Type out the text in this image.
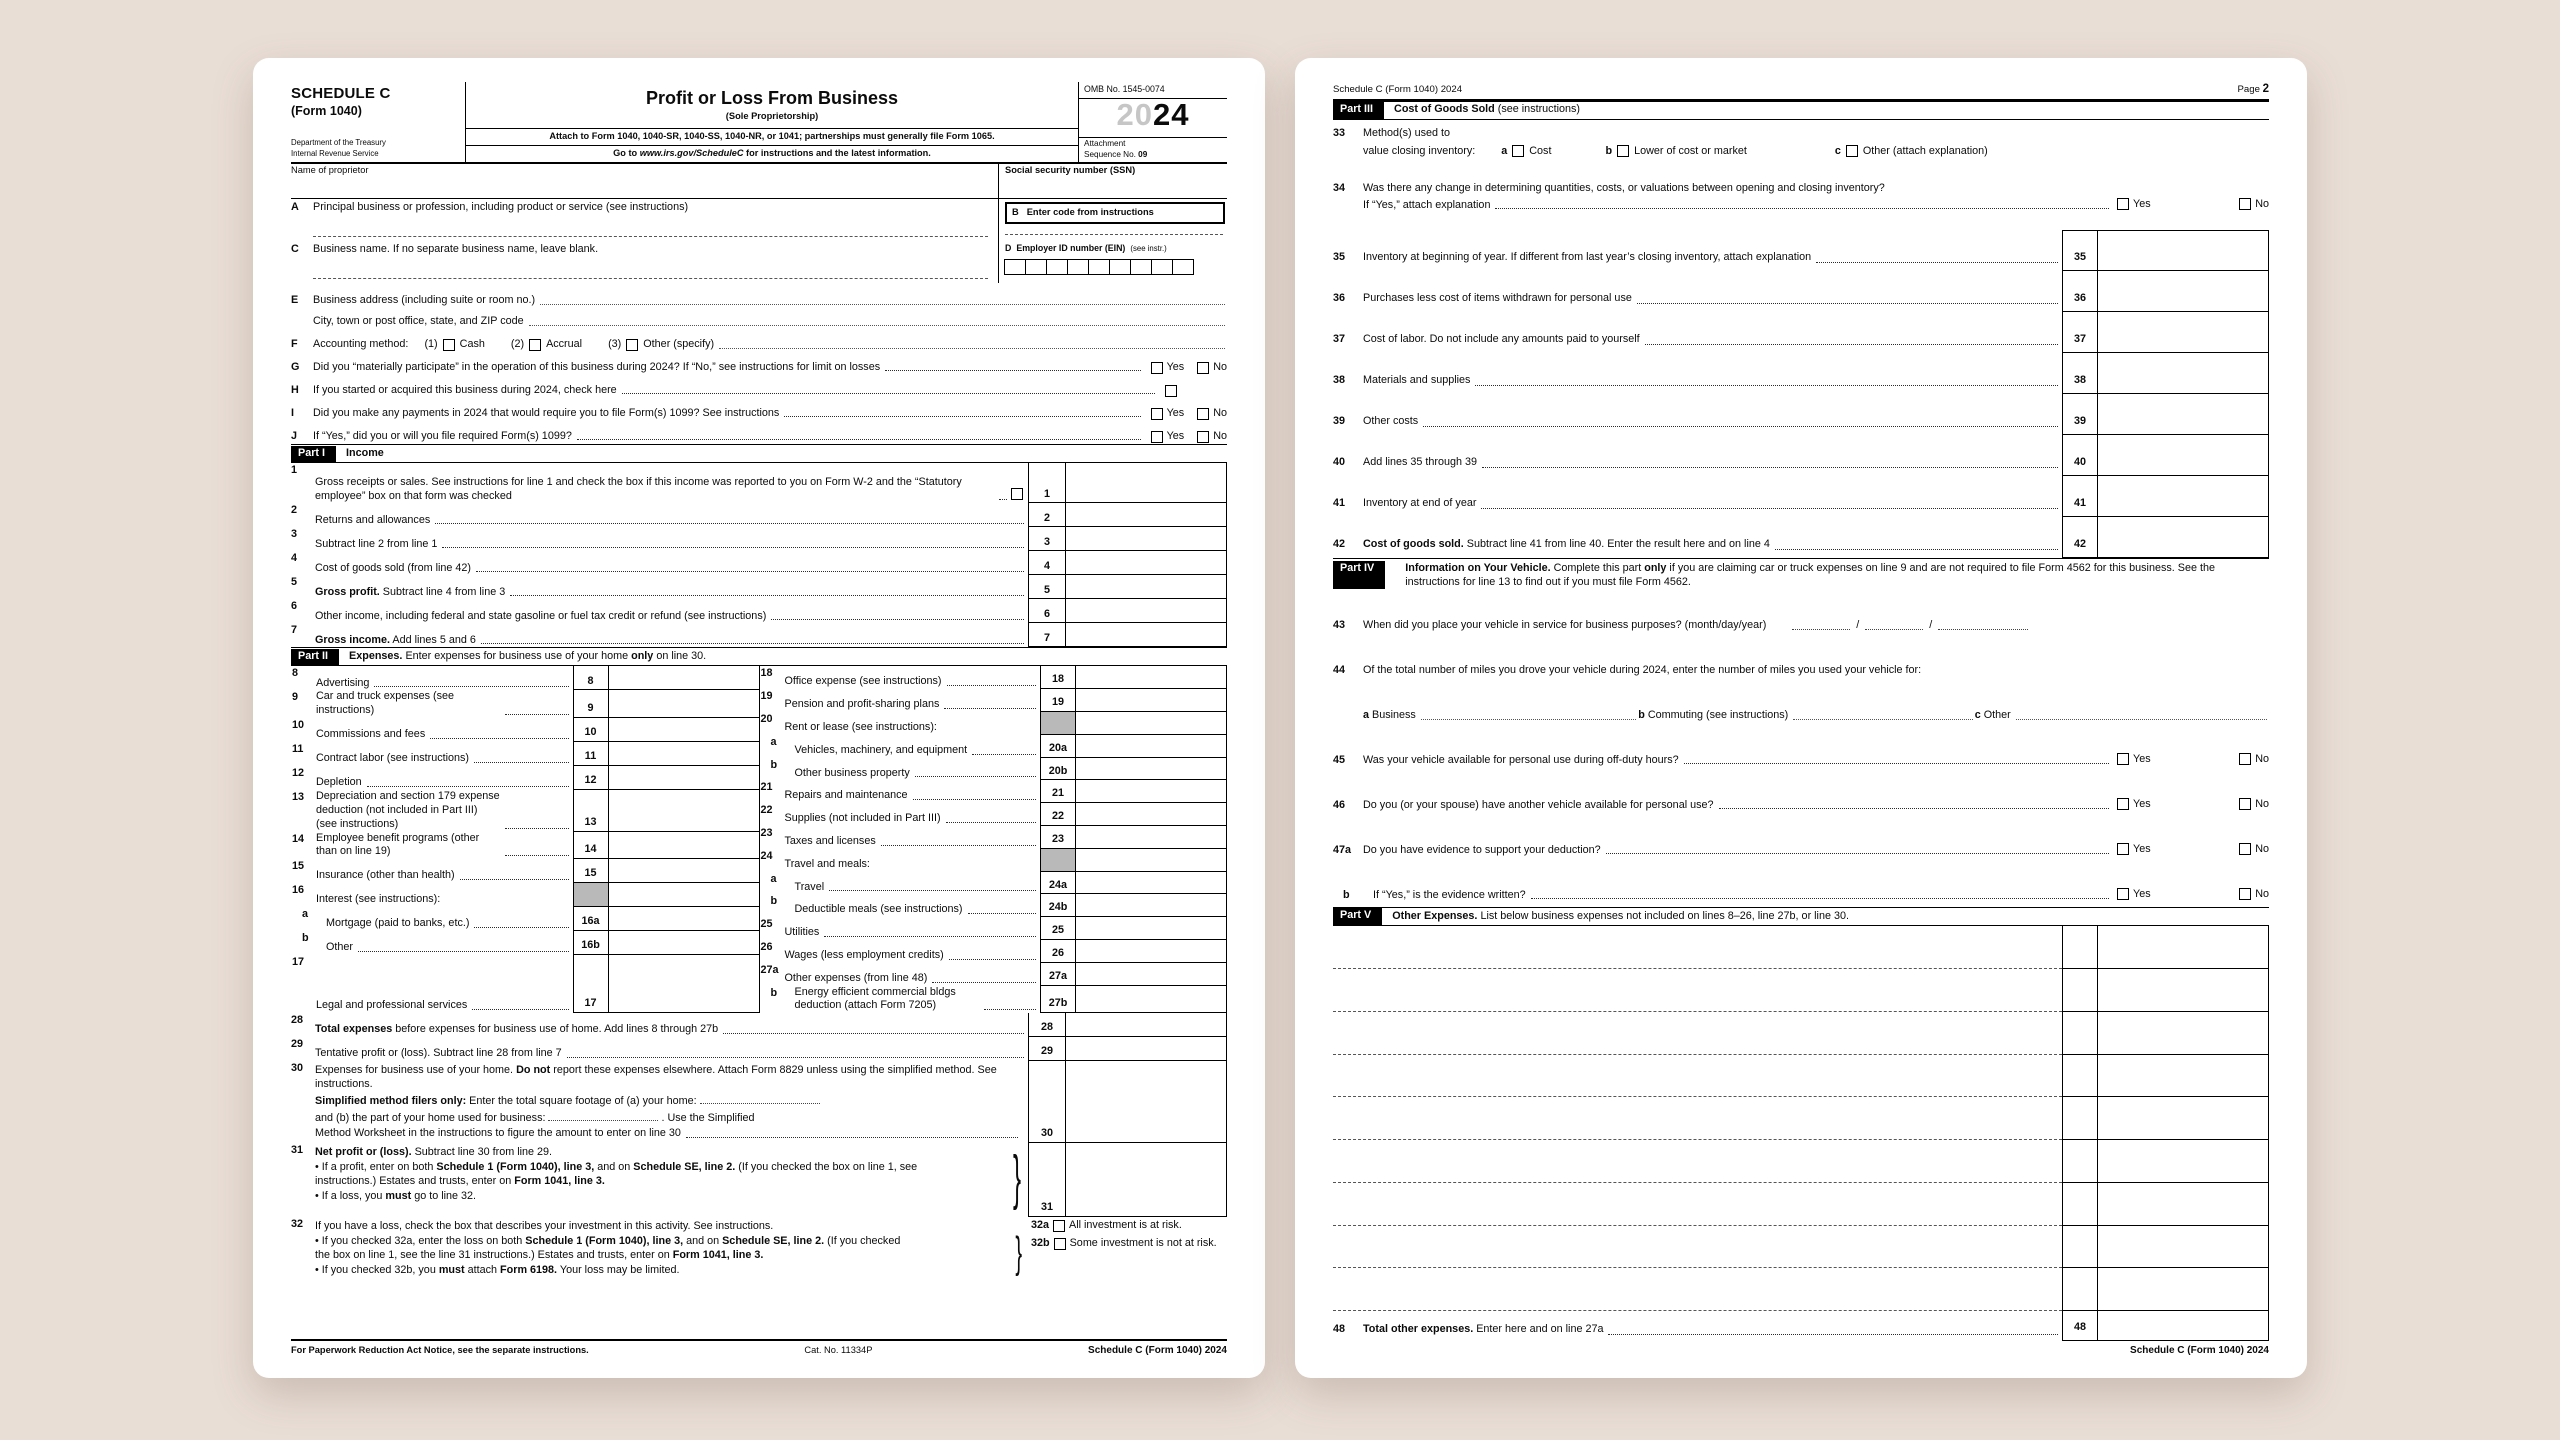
SCHEDULE C
(Form 1040)
Department of the Treasury
Internal Revenue Service
Profit or Loss From Business
(Sole Proprietorship)
Attach to Form 1040, 1040-SR, 1040-SS, 1040-NR, or 1041; partnerships must generally file Form 1065.
Go to www.irs.gov/ScheduleC for instructions and the latest information.
OMB No. 1545-0074
2024
Attachment
Sequence No. 09
Name of proprietor	Social security number (SSN)
A	Principal business or profession, including product or service (see instructions)	B Enter code from instructions
C	Business name. If no separate business name, leave blank.	D Employer ID number (EIN) (see instr.)
E	Business address (including suite or room no.)
City, town or post office, state, and ZIP code
F	Accounting method: (1) Cash (2) Accrual (3) Other (specify)
G	Did you “materially participate” in the operation of this business during 2024? If “No,” see instructions for limit on losses	Yes	No
H	If you started or acquired this business during 2024, check here
I	Did you make any payments in 2024 that would require you to file Form(s) 1099? See instructions	Yes	No
J	If “Yes,” did you or will you file required Form(s) 1099?	Yes	No
Part I	Income
1
Gross receipts or sales. See instructions for line 1 and check the box if this income was reported to you on Form W-2 and the “Statutory employee” box on that form was checked	1
2
Returns and allowances	2
3
Subtract line 2 from line 1	3
4
Cost of goods sold (from line 42)	4
5
Gross profit. Subtract line 4 from line 3	5
6
Other income, including federal and state gasoline or fuel tax credit or refund (see instructions)	6
7
Gross income. Add lines 5 and 6	7
Part II	Expenses. Enter expenses for business use of your home only on line 30.
8
Advertising	8
9	Car and truck expenses (see instructions)	9
10
Commissions and fees	10
11
Contract labor (see instructions)	11
12
Depletion	12
13	Depreciation and section 179 expense deduction (not included in Part III) (see instructions)	13
14	Employee benefit programs (other than on line 19)	14
15
Insurance (other than health)	15
16
Interest (see instructions):
a
Mortgage (paid to banks, etc.)	16a
b
Other	16b
17
Legal and professional services	17
18
Office expense (see instructions)	18
19
Pension and profit-sharing plans	19
20
Rent or lease (see instructions):
a
Vehicles, machinery, and equipment	20a
b
Other business property	20b
21
Repairs and maintenance	21
22
Supplies (not included in Part III)	22
23
Taxes and licenses	23
24
Travel and meals:
a
Travel	24a
b
Deductible meals (see instructions)	24b
25
Utilities	25
26
Wages (less employment credits)	26
27a
Other expenses (from line 48)	27a
b	Energy efficient commercial bldgs deduction (attach Form 7205)	27b
28
Total expenses before expenses for business use of home. Add lines 8 through 27b	28
29
Tentative profit or (loss). Subtract line 28 from line 7	29
30	Expenses for business use of your home. Do not report these expenses elsewhere. Attach Form 8829 unless using the simplified method. See instructions.
Simplified method filers only: Enter the total square footage of (a) your home:
and (b) the part of your home used for business:	. Use the Simplified
Method Worksheet in the instructions to figure the amount to enter on line 30	30
31	Net profit or (loss). Subtract line 30 from line 29.
• If a profit, enter on both Schedule 1 (Form 1040), line 3, and on Schedule SE, line 2. (If you checked the box on line 1, see instructions.) Estates and trusts, enter on Form 1041, line 3.
• If a loss, you must go to line 32.	}	31
32	If you have a loss, check the box that describes your investment in this activity. See instructions.
• If you checked 32a, enter the loss on both Schedule 1 (Form 1040), line 3, and on Schedule SE, line 2. (If you checked the box on line 1, see the line 31 instructions.) Estates and trusts, enter on Form 1041, line 3.
• If you checked 32b, you must attach Form 6198. Your loss may be limited.	}
32a All investment is at risk.
32b Some investment is not at risk.
For Paperwork Reduction Act Notice, see the separate instructions.	Cat. No. 11334P	Schedule C (Form 1040) 2024
Schedule C (Form 1040) 2024	Page 2
Part III	Cost of Goods Sold (see instructions)
33	Method(s) used to
value closing inventory: a Cost	b Lower of cost or market	c Other (attach explanation)
34	Was there any change in determining quantities, costs, or valuations between opening and closing inventory?
If “Yes,” attach explanation	Yes	No
35	Inventory at beginning of year. If different from last year’s closing inventory, attach explanation	35
36	Purchases less cost of items withdrawn for personal use	36
37	Cost of labor. Do not include any amounts paid to yourself	37
38	Materials and supplies	38
39	Other costs	39
40	Add lines 35 through 39	40
41	Inventory at end of year	41
42	Cost of goods sold. Subtract line 41 from line 40. Enter the result here and on line 4	42
Part IV	Information on Your Vehicle. Complete this part only if you are claiming car or truck expenses on line 9 and are not required to file Form 4562 for this business. See the instructions for line 13 to find out if you must file Form 4562.
43	When did you place your vehicle in service for business purposes? (month/day/year)	/	/
44	Of the total number of miles you drove your vehicle during 2024, enter the number of miles you used your vehicle for:
a
Business	b
Commuting (see instructions)	c
Other
45	Was your vehicle available for personal use during off-duty hours?	Yes	No
46	Do you (or your spouse) have another vehicle available for personal use?	Yes	No
47a	Do you have evidence to support your deduction?	Yes	No
b	If “Yes,” is the evidence written?	Yes	No
Part V	Other Expenses. List below business expenses not included on lines 8–26, line 27b, or line 30.
48	Total other expenses. Enter here and on line 27a	48
Schedule C (Form 1040) 2024
